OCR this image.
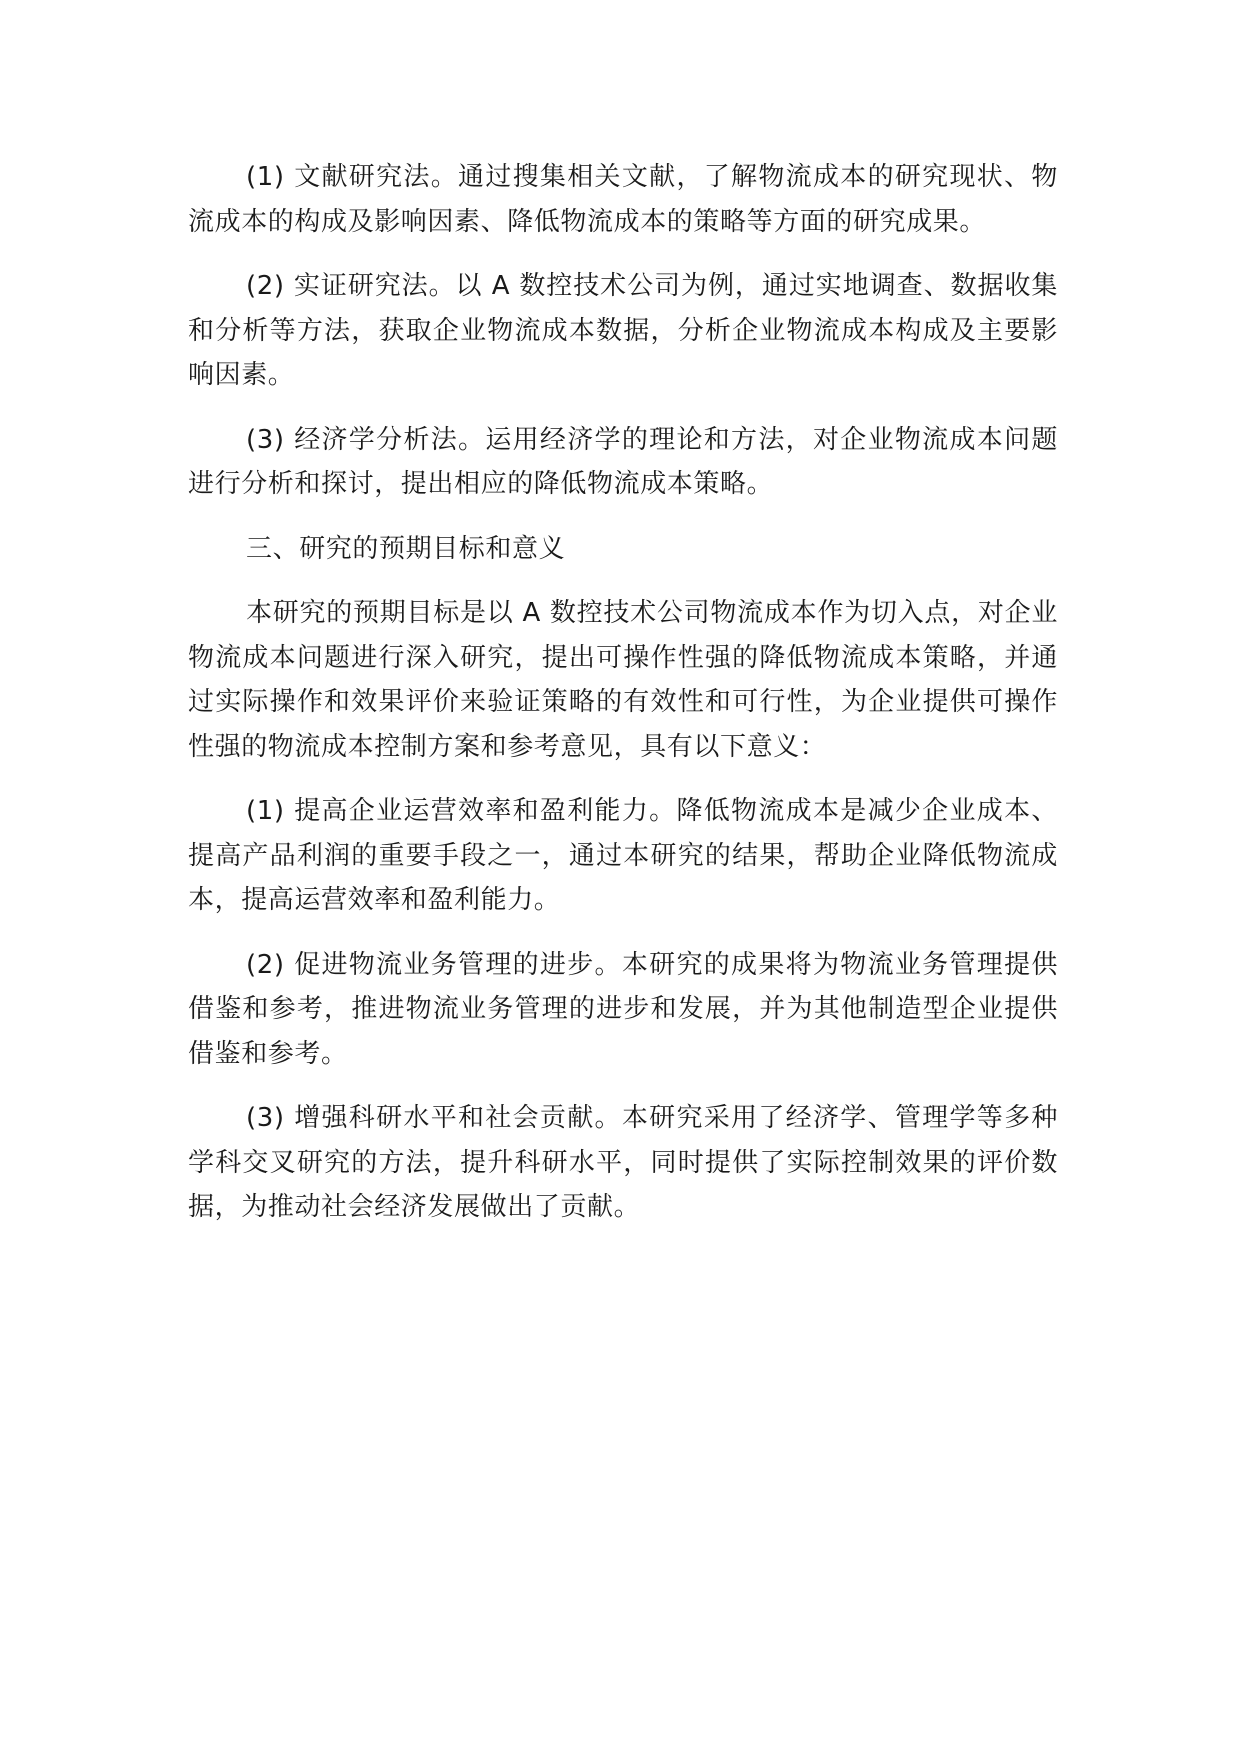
(1) 文献研究法。通过搜集相关文献，了解物流成本的研究现状、物流成本的构成及影响因素、降低物流成本的策略等方面的研究成果。

(2) 实证研究法。以 A 数控技术公司为例，通过实地调查、数据收集和分析等方法，获取企业物流成本数据，分析企业物流成本构成及主要影响因素。

(3) 经济学分析法。运用经济学的理论和方法，对企业物流成本问题进行分析和探讨，提出相应的降低物流成本策略。

三、研究的预期目标和意义

本研究的预期目标是以 A 数控技术公司物流成本作为切入点，对企业物流成本问题进行深入研究，提出可操作性强的降低物流成本策略，并通过实际操作和效果评价来验证策略的有效性和可行性，为企业提供可操作性强的物流成本控制方案和参考意见，具有以下意义：

(1) 提高企业运营效率和盈利能力。降低物流成本是减少企业成本、提高产品利润的重要手段之一，通过本研究的结果，帮助企业降低物流成本，提高运营效率和盈利能力。

(2) 促进物流业务管理的进步。本研究的成果将为物流业务管理提供借鉴和参考，推进物流业务管理的进步和发展，并为其他制造型企业提供借鉴和参考。

(3) 增强科研水平和社会贡献。本研究采用了经济学、管理学等多种学科交叉研究的方法，提升科研水平，同时提供了实际控制效果的评价数据，为推动社会经济发展做出了贡献。
